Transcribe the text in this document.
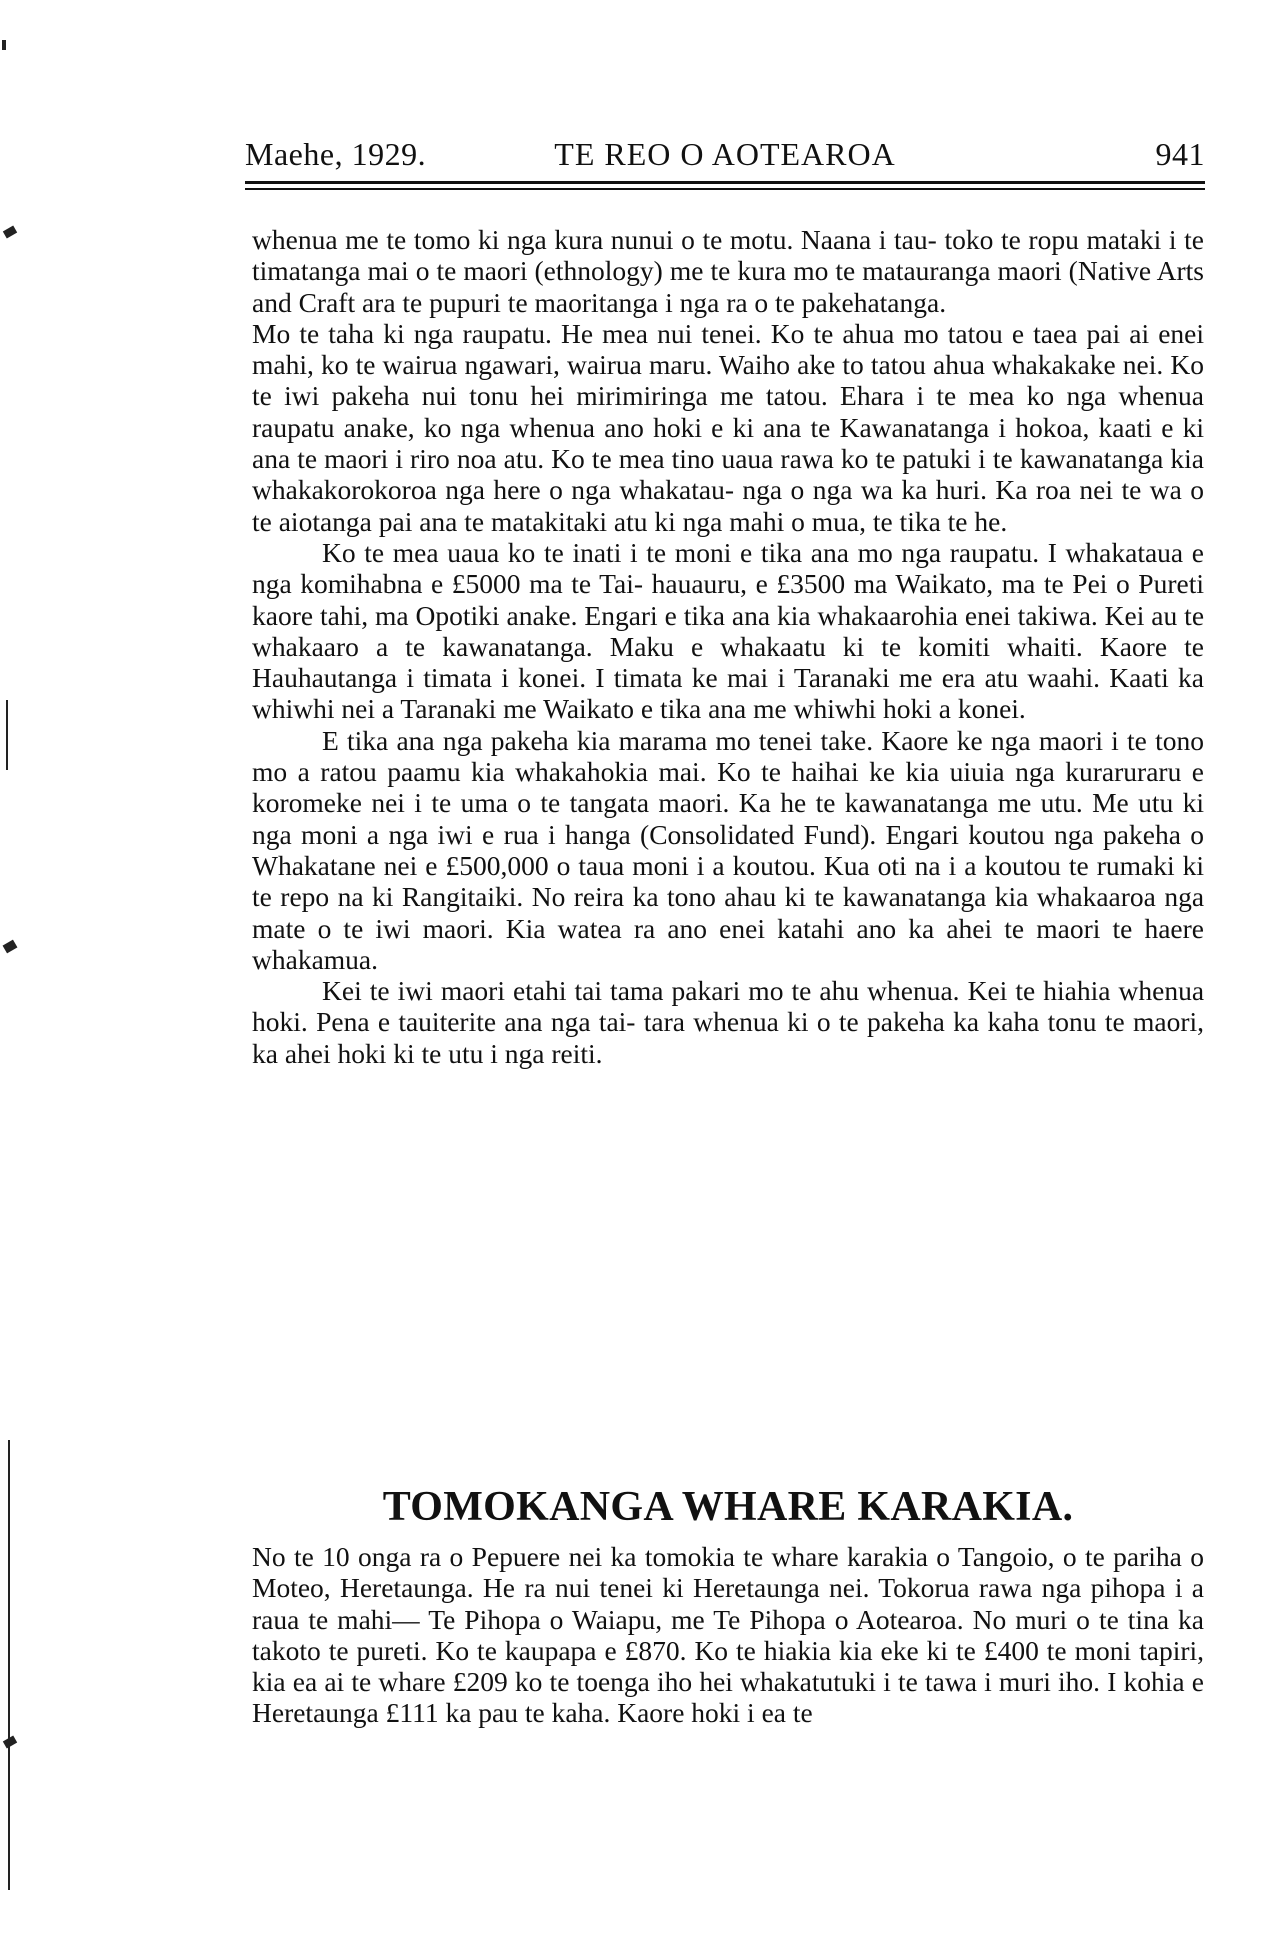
Maehe, 1929.	TE REO O AOTEAROA	941

whenua me te tomo ki nga kura nunui o te motu. Naana i tau- toko te ropu mataki i te timatanga mai o te maori (ethnology) me te kura mo te matauranga maori (Native Arts and Craft ara te pupuri te maoritanga i nga ra o te pakehatanga.

Mo te taha ki nga raupatu. He mea nui tenei. Ko te ahua mo tatou e taea pai ai enei mahi, ko te wairua ngawari, wairua maru. Waiho ake to tatou ahua whakakake nei. Ko te iwi pakeha nui tonu hei mirimiringa me tatou. Ehara i te mea ko nga whenua raupatu anake, ko nga whenua ano hoki e ki ana te Kawanatanga i hokoa, kaati e ki ana te maori i riro noa atu. Ko te mea tino uaua rawa ko te patuki i te kawanatanga kia whakakorokoroa nga here o nga whakatau- nga o nga wa ka huri. Ka roa nei te wa o te aiotanga pai ana te matakitaki atu ki nga mahi o mua, te tika te he.

Ko te mea uaua ko te inati i te moni e tika ana mo nga raupatu. I whakataua e nga komihabna e £5000 ma te Tai- hauauru, e £3500 ma Waikato, ma te Pei o Pureti kaore tahi, ma Opotiki anake. Engari e tika ana kia whakaarohia enei takiwa. Kei au te whakaaro a te kawanatanga. Maku e whakaatu ki te komiti whaiti. Kaore te Hauhautanga i timata i konei. I timata ke mai i Taranaki me era atu waahi. Kaati ka whiwhi nei a Taranaki me Waikato e tika ana me whiwhi hoki a konei.

E tika ana nga pakeha kia marama mo tenei take. Kaore ke nga maori i te tono mo a ratou paamu kia whakahokia mai. Ko te haihai ke kia uiuia nga kuraruraru e koromeke nei i te uma o te tangata maori. Ka he te kawanatanga me utu. Me utu ki nga moni a nga iwi e rua i hanga (Consolidated Fund). Engari koutou nga pakeha o Whakatane nei e £500,000 o taua moni i a koutou. Kua oti na i a koutou te rumaki ki te repo na ki Rangitaiki. No reira ka tono ahau ki te kawanatanga kia whakaaroa nga mate o te iwi maori. Kia watea ra ano enei katahi ano ka ahei te maori te haere whakamua.

Kei te iwi maori etahi tai tama pakari mo te ahu whenua. Kei te hiahia whenua hoki. Pena e tauiterite ana nga tai- tara whenua ki o te pakeha ka kaha tonu te maori, ka ahei hoki ki te utu i nga reiti.

TOMOKANGA WHARE KARAKIA.

No te 10 onga ra o Pepuere nei ka tomokia te whare karakia o Tangoio, o te pariha o Moteo, Heretaunga. He ra nui tenei ki Heretaunga nei. Tokorua rawa nga pihopa i a raua te mahi— Te Pihopa o Waiapu, me Te Pihopa o Aotearoa. No muri o te tina ka takoto te pureti. Ko te kaupapa e £870. Ko te hiakia kia eke ki te £400 te moni tapiri, kia ea ai te whare £209 ko te toenga iho hei whakatutuki i te tawa i muri iho. I kohia e Heretaunga £111 ka pau te kaha. Kaore hoki i ea te
